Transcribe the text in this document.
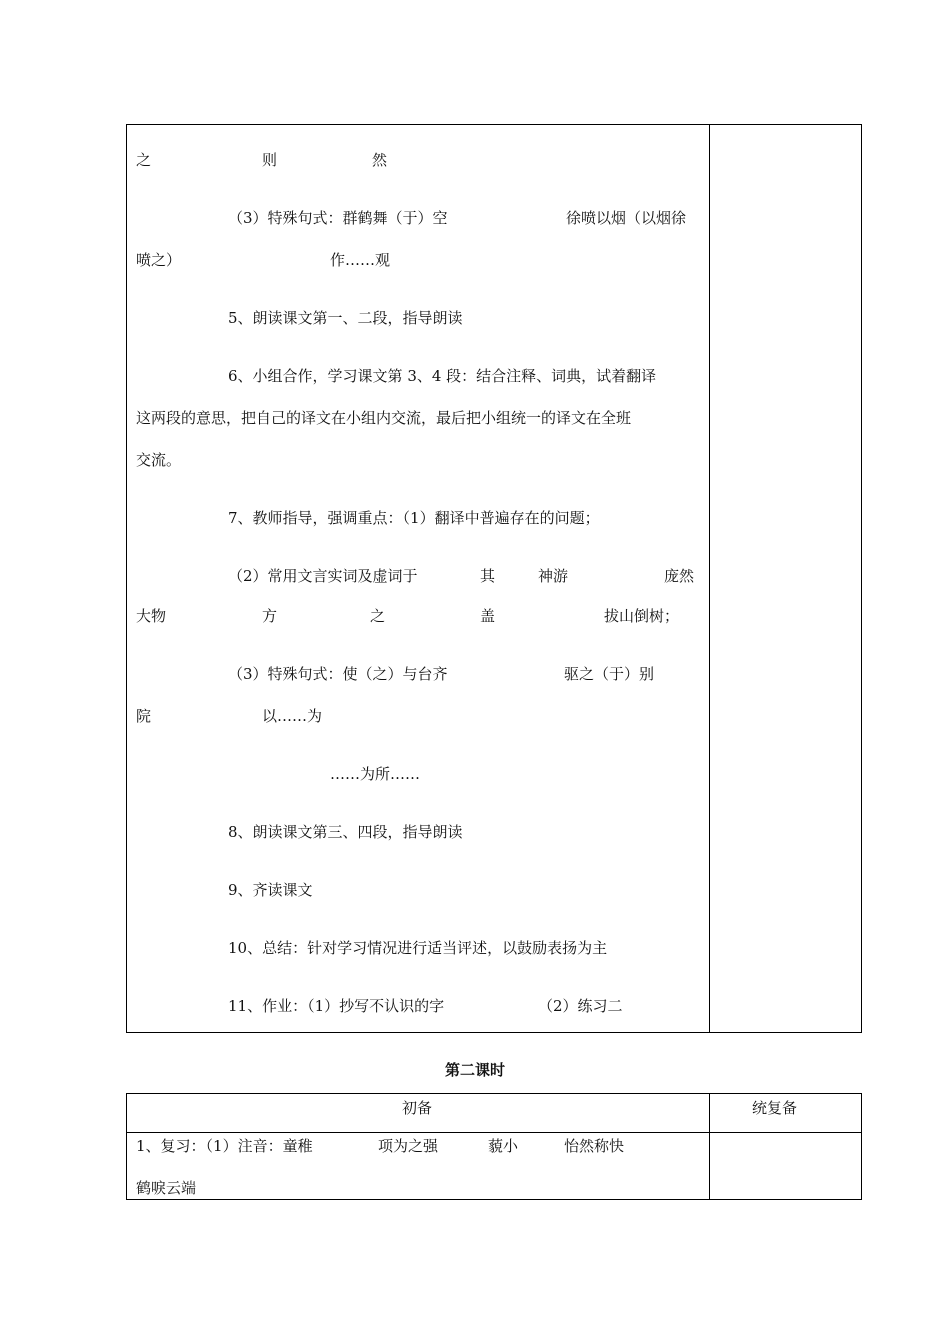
之	则	然
（3）特殊句式：群鹤舞（于）空	徐喷以烟（以烟徐
喷之）	作……观
5、朗读课文第一、二段，指导朗读
6、小组合作，学习课文第 3、4 段：结合注释、词典，试着翻译
这两段的意思，把自己的译文在小组内交流，最后把小组统一的译文在全班
交流。
7、教师指导，强调重点：（1）翻译中普遍存在的问题；
（2）常用文言实词及虚词于	其	神游	庞然
大物	方	之	盖	拔山倒树；
（3）特殊句式：使（之）与台齐	驱之（于）别
院	以……为
……为所……
8、朗读课文第三、四段，指导朗读
9、齐读课文
10、总结：针对学习情况进行适当评述，以鼓励表扬为主
11、作业：（1）抄写不认识的字	（2）练习二
第二课时
初备	统复备
1、复习：（1）注音：童稚	项为之强	藐小	怡然称快
鹤唳云端
